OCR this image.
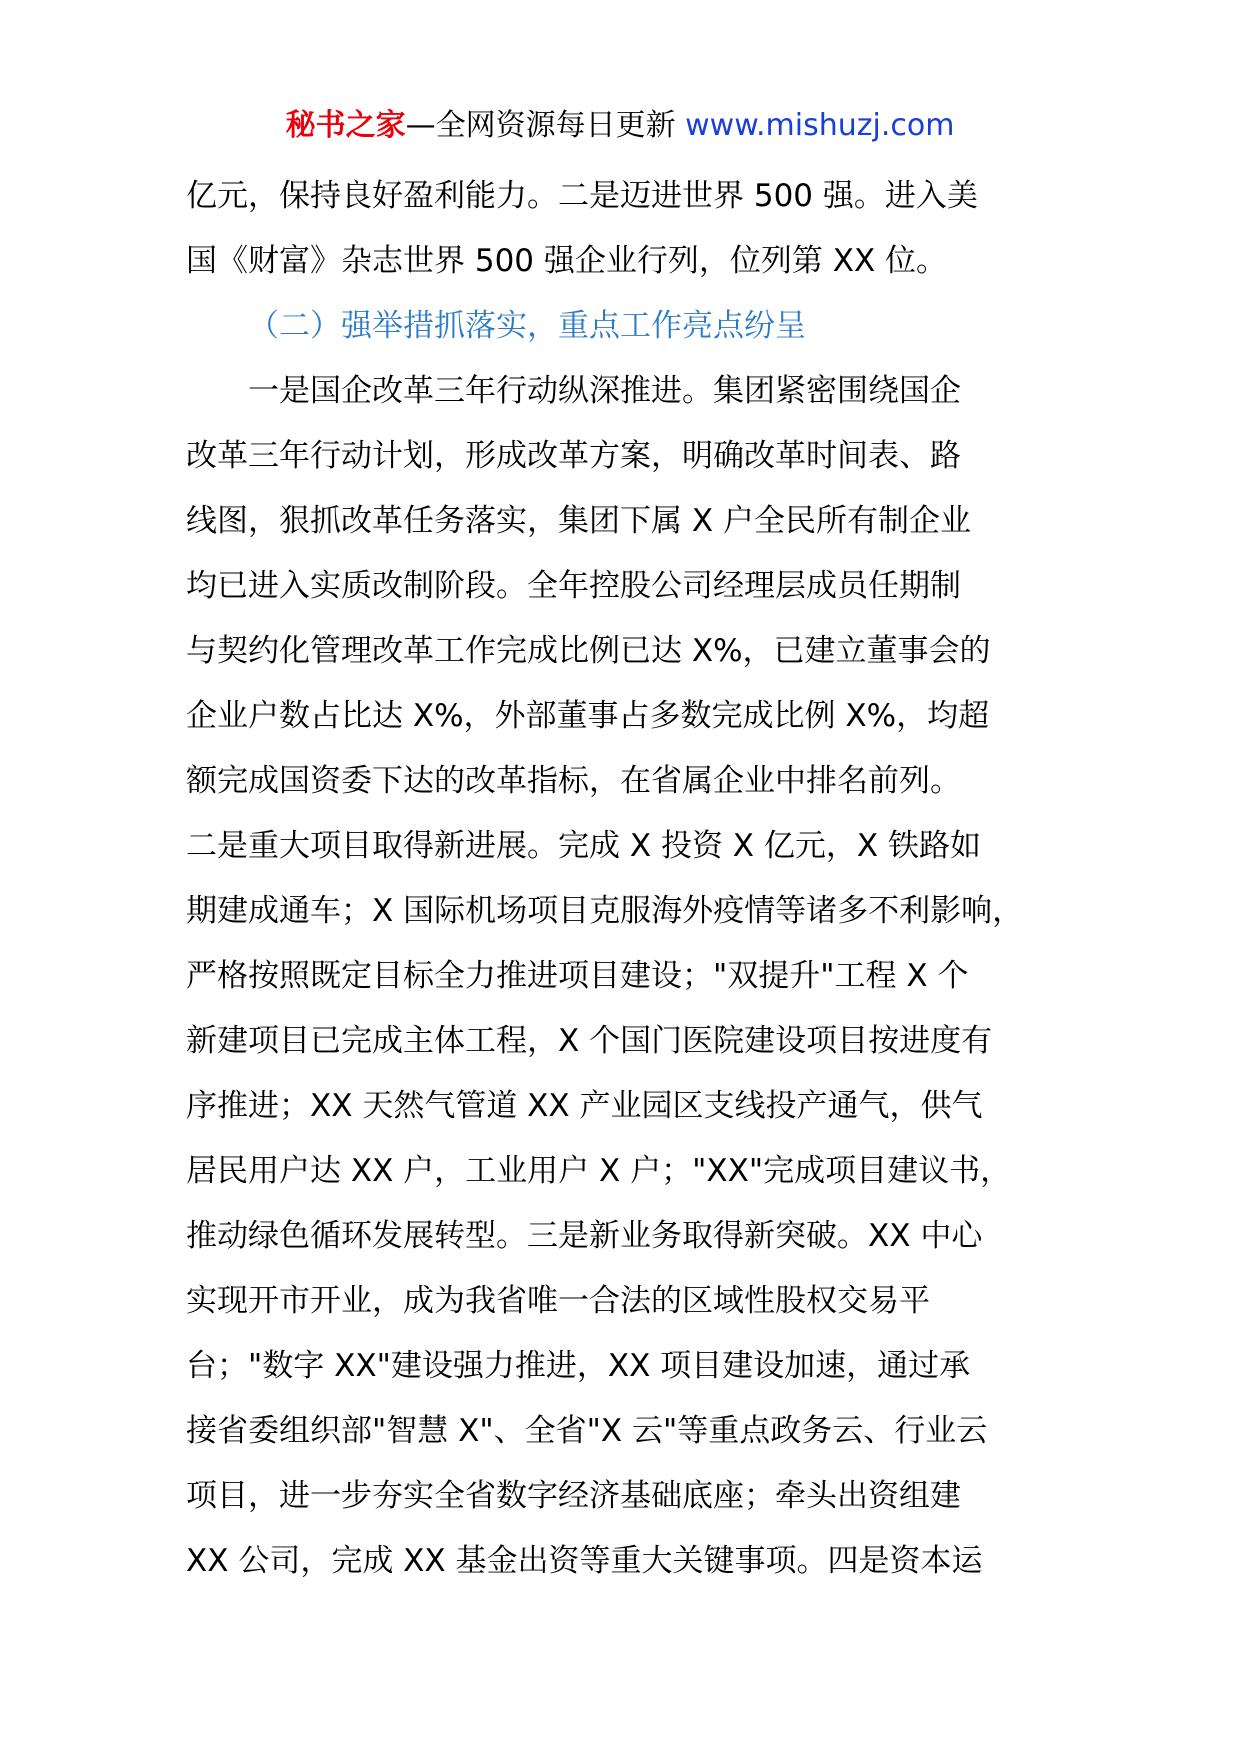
秘书之家—全网资源每日更新 www.mishuzj.com
亿元，保持良好盈利能力。二是迈进世界 500 强。进入美
国《财富》杂志世界 500 强企业行列，位列第 XX 位。
（二）强举措抓落实，重点工作亮点纷呈
一是国企改革三年行动纵深推进。集团紧密围绕国企
改革三年行动计划，形成改革方案，明确改革时间表、路
线图，狠抓改革任务落实，集团下属 X 户全民所有制企业
均已进入实质改制阶段。全年控股公司经理层成员任期制
与契约化管理改革工作完成比例已达 X%，已建立董事会的
企业户数占比达 X%，外部董事占多数完成比例 X%，均超
额完成国资委下达的改革指标，在省属企业中排名前列。
二是重大项目取得新进展。完成 X 投资 X 亿元，X 铁路如
期建成通车；X 国际机场项目克服海外疫情等诸多不利影响，
严格按照既定目标全力推进项目建设；"双提升"工程 X 个
新建项目已完成主体工程，X 个国门医院建设项目按进度有
序推进；XX 天然气管道 XX 产业园区支线投产通气，供气
居民用户达 XX 户，工业用户 X 户；"XX"完成项目建议书，
推动绿色循环发展转型。三是新业务取得新突破。XX 中心
实现开市开业，成为我省唯一合法的区域性股权交易平
台；"数字 XX"建设强力推进，XX 项目建设加速，通过承
接省委组织部"智慧 X"、全省"X 云"等重点政务云、行业云
项目，进一步夯实全省数字经济基础底座；牵头出资组建
XX 公司，完成 XX 基金出资等重大关键事项。四是资本运
